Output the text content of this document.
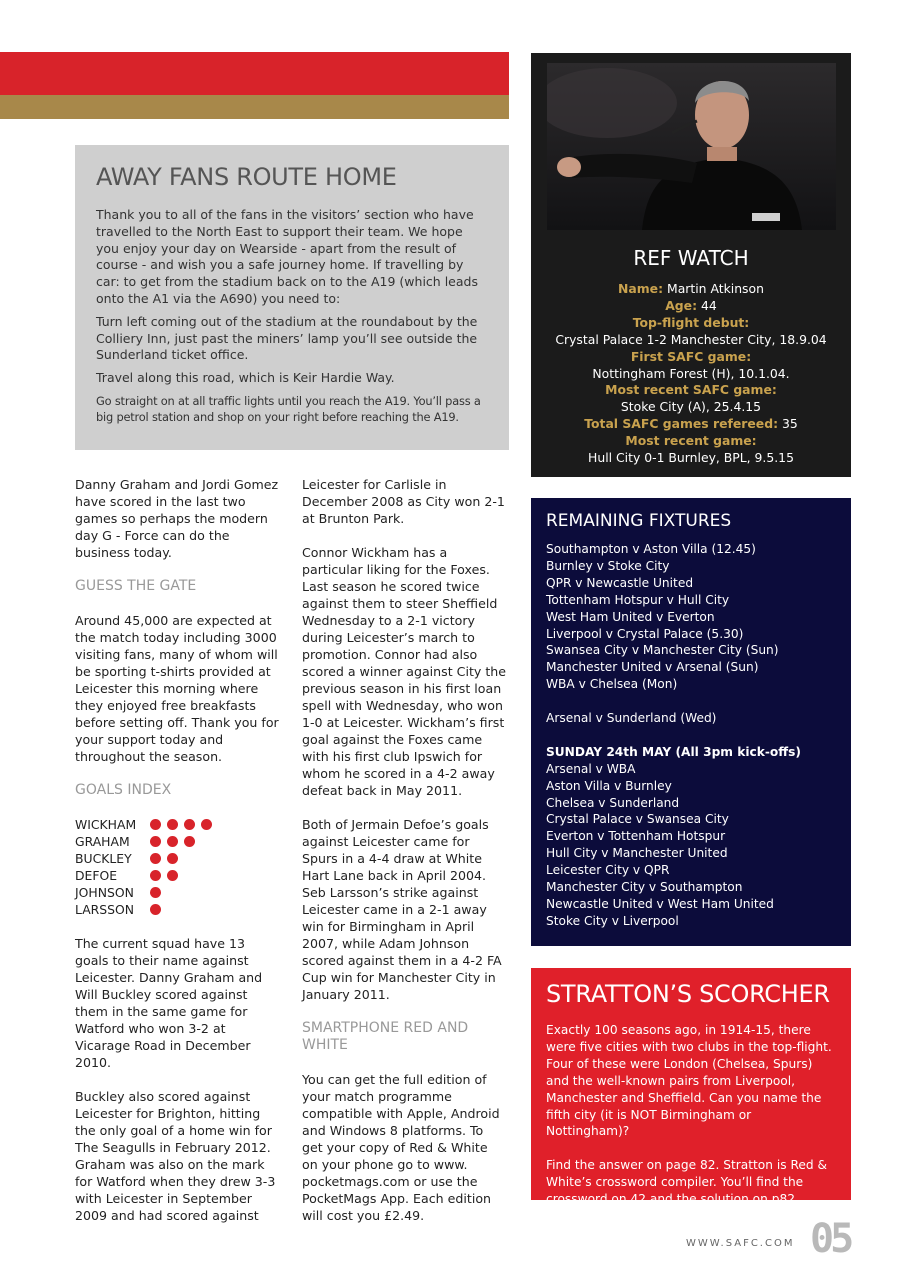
AWAY FANS ROUTE HOME

Thank you to all of the fans in the visitors’ section who have travelled to the North East to support their team. We hope you enjoy your day on Wearside - apart from the result of course - and wish you a safe journey home. If travelling by car: to get from the stadium back on to the A19 (which leads onto the A1 via the A690) you need to:

Turn left coming out of the stadium at the roundabout by the Colliery Inn, just past the miners’ lamp you’ll see outside the Sunderland ticket office.

Travel along this road, which is Keir Hardie Way.

Go straight on at all traffic lights until you reach the A19. You’ll pass a big petrol station and shop on your right before reaching the A19.

REF WATCH
Name: Martin Atkinson
Age: 44
Top-flight debut:
Crystal Palace 1-2 Manchester City, 18.9.04
First SAFC game:
Nottingham Forest (H), 10.1.04.
Most recent SAFC game:
Stoke City (A), 25.4.15
Total SAFC games refereed: 35
Most recent game:
Hull City 0-1 Burnley, BPL, 9.5.15

Danny Graham and Jordi Gomez have scored in the last two games so perhaps the modern day G - Force can do the business today.

GUESS THE GATE

Around 45,000 are expected at the match today including 3000 visiting fans, many of whom will be sporting t-shirts provided at Leicester this morning where they enjoyed free breakfasts before setting off. Thank you for your support today and throughout the season.

GOALS INDEX
WICKHAM
GRAHAM
BUCKLEY
DEFOE
JOHNSON
LARSSON

The current squad have 13 goals to their name against Leicester. Danny Graham and Will Buckley scored against them in the same game for Watford who won 3-2 at Vicarage Road in December 2010.

Buckley also scored against Leicester for Brighton, hitting the only goal of a home win for The Seagulls in February 2012. Graham was also on the mark for Watford when they drew 3-3 with Leicester in September 2009 and had scored against

Leicester for Carlisle in December 2008 as City won 2-1 at Brunton Park.

Connor Wickham has a particular liking for the Foxes. Last season he scored twice against them to steer Sheffield Wednesday to a 2-1 victory during Leicester’s march to promotion. Connor had also scored a winner against City the previous season in his first loan spell with Wednesday, who won 1-0 at Leicester. Wickham’s first goal against the Foxes came with his first club Ipswich for whom he scored in a 4-2 away defeat back in May 2011.

Both of Jermain Defoe’s goals against Leicester came for Spurs in a 4-4 draw at White Hart Lane back in April 2004. Seb Larsson’s strike against Leicester came in a 2-1 away win for Birmingham in April 2007, while Adam Johnson scored against them in a 4-2 FA Cup win for Manchester City in January 2011.

SMARTPHONE RED AND WHITE

You can get the full edition of your match programme compatible with Apple, Android and Windows 8 platforms. To get your copy of Red & White on your phone go to www. pocketmags.com or use the PocketMags App. Each edition will cost you £2.49.

REMAINING FIXTURES
Southampton v Aston Villa (12.45)
Burnley v Stoke City
QPR v Newcastle United
Tottenham Hotspur v Hull City
West Ham United v Everton
Liverpool v Crystal Palace (5.30)
Swansea City v Manchester City (Sun)
Manchester United v Arsenal (Sun)
WBA v Chelsea (Mon)
Arsenal v Sunderland (Wed)
SUNDAY 24th MAY (All 3pm kick-offs)
Arsenal v WBA
Aston Villa v Burnley
Chelsea v Sunderland
Crystal Palace v Swansea City
Everton v Tottenham Hotspur
Hull City v Manchester United
Leicester City v QPR
Manchester City v Southampton
Newcastle United v West Ham United
Stoke City v Liverpool
STRATTON’S SCORCHER

Exactly 100 seasons ago, in 1914-15, there were five cities with two clubs in the top-flight. Four of these were London (Chelsea, Spurs) and the well-known pairs from Liverpool, Manchester and Sheffield. Can you name the fifth city (it is NOT Birmingham or Nottingham)?

Find the answer on page 82. Stratton is Red & White’s crossword compiler. You’ll find the crossword on 42 and the solution on p82.

WWW.SAFC.COM 05
